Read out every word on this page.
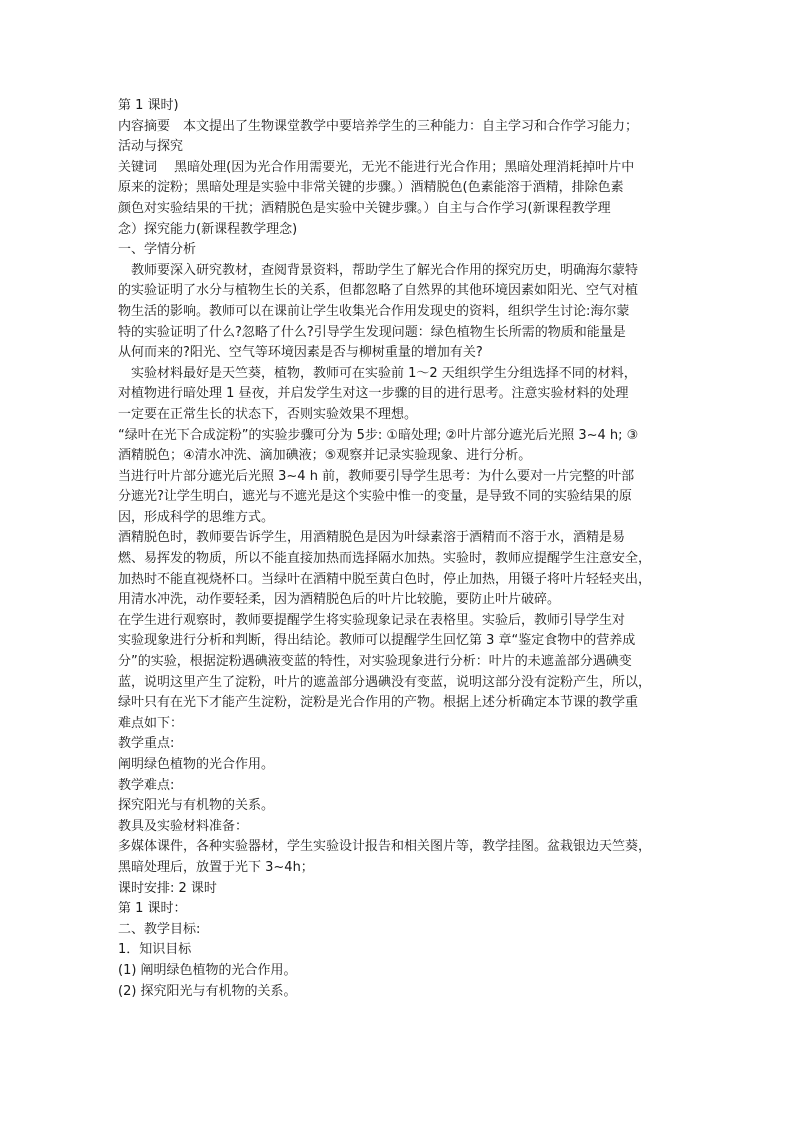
第 1 课时)
内容摘要　本文提出了生物课堂教学中要培养学生的三种能力：自主学习和合作学习能力；
活动与探究
关键词　 黑暗处理(因为光合作用需要光，无光不能进行光合作用；黑暗处理消耗掉叶片中
原来的淀粉；黑暗处理是实验中非常关键的步骤。）酒精脱色(色素能溶于酒精，排除色素
颜色对实验结果的干扰；酒精脱色是实验中关键步骤。）自主与合作学习(新课程教学理
念）探究能力(新课程教学理念)
一、学情分析
　教师要深入研究教材，查阅背景资料，帮助学生了解光合作用的探究历史，明确海尔蒙特
的实验证明了水分与植物生长的关系，但都忽略了自然界的其他环境因素如阳光、空气对植
物生活的影响。教师可以在课前让学生收集光合作用发现史的资料，组织学生讨论:海尔蒙
特的实验证明了什么?忽略了什么?引导学生发现问题：绿色植物生长所需的物质和能量是
从何而来的?阳光、空气等环境因素是否与柳树重量的增加有关?
　实验材料最好是天竺葵，植物，教师可在实验前 1～2 天组织学生分组选择不同的材料，
对植物进行暗处理 1 昼夜，并启发学生对这一步骤的目的进行思考。注意实验材料的处理
一定要在正常生长的状态下，否则实验效果不理想。
“绿叶在光下合成淀粉”的实验步骤可分为 5步: ①暗处理; ②叶片部分遮光后光照 3~4 h; ③
酒精脱色；④清水冲洗、滴加碘液；⑤观察并记录实验现象、进行分析。
当进行叶片部分遮光后光照 3~4 h 前，教师要引导学生思考：为什么要对一片完整的叶部
分遮光?让学生明白，遮光与不遮光是这个实验中惟一的变量，是导致不同的实验结果的原
因，形成科学的思维方式。
酒精脱色时，教师要告诉学生，用酒精脱色是因为叶绿素溶于酒精而不溶于水，酒精是易
燃、易挥发的物质，所以不能直接加热而选择隔水加热。实验时，教师应提醒学生注意安全，
加热时不能直视烧杯口。当绿叶在酒精中脱至黄白色时，停止加热，用镊子将叶片轻轻夹出，
用清水冲洗，动作要轻柔，因为酒精脱色后的叶片比较脆，要防止叶片破碎。
在学生进行观察时，教师要提醒学生将实验现象记录在表格里。实验后，教师引导学生对
实验现象进行分析和判断，得出结论。教师可以提醒学生回忆第 3 章“鉴定食物中的营养成
分”的实验，根据淀粉遇碘液变蓝的特性，对实验现象进行分析：叶片的未遮盖部分遇碘变
蓝，说明这里产生了淀粉，叶片的遮盖部分遇碘没有变蓝，说明这部分没有淀粉产生，所以，
绿叶只有在光下才能产生淀粉，淀粉是光合作用的产物。根据上述分析确定本节课的教学重
难点如下：
教学重点:
阐明绿色植物的光合作用。
教学难点:
探究阳光与有机物的关系。
教具及实验材料准备：
多媒体课件，各种实验器材，学生实验设计报告和相关图片等，教学挂图。盆栽银边天竺葵，
黑暗处理后，放置于光下 3~4h；
课时安排: 2 课时
第 1 课时：
二、教学目标:
1．知识目标
(1) 阐明绿色植物的光合作用。
(2) 探究阳光与有机物的关系。
